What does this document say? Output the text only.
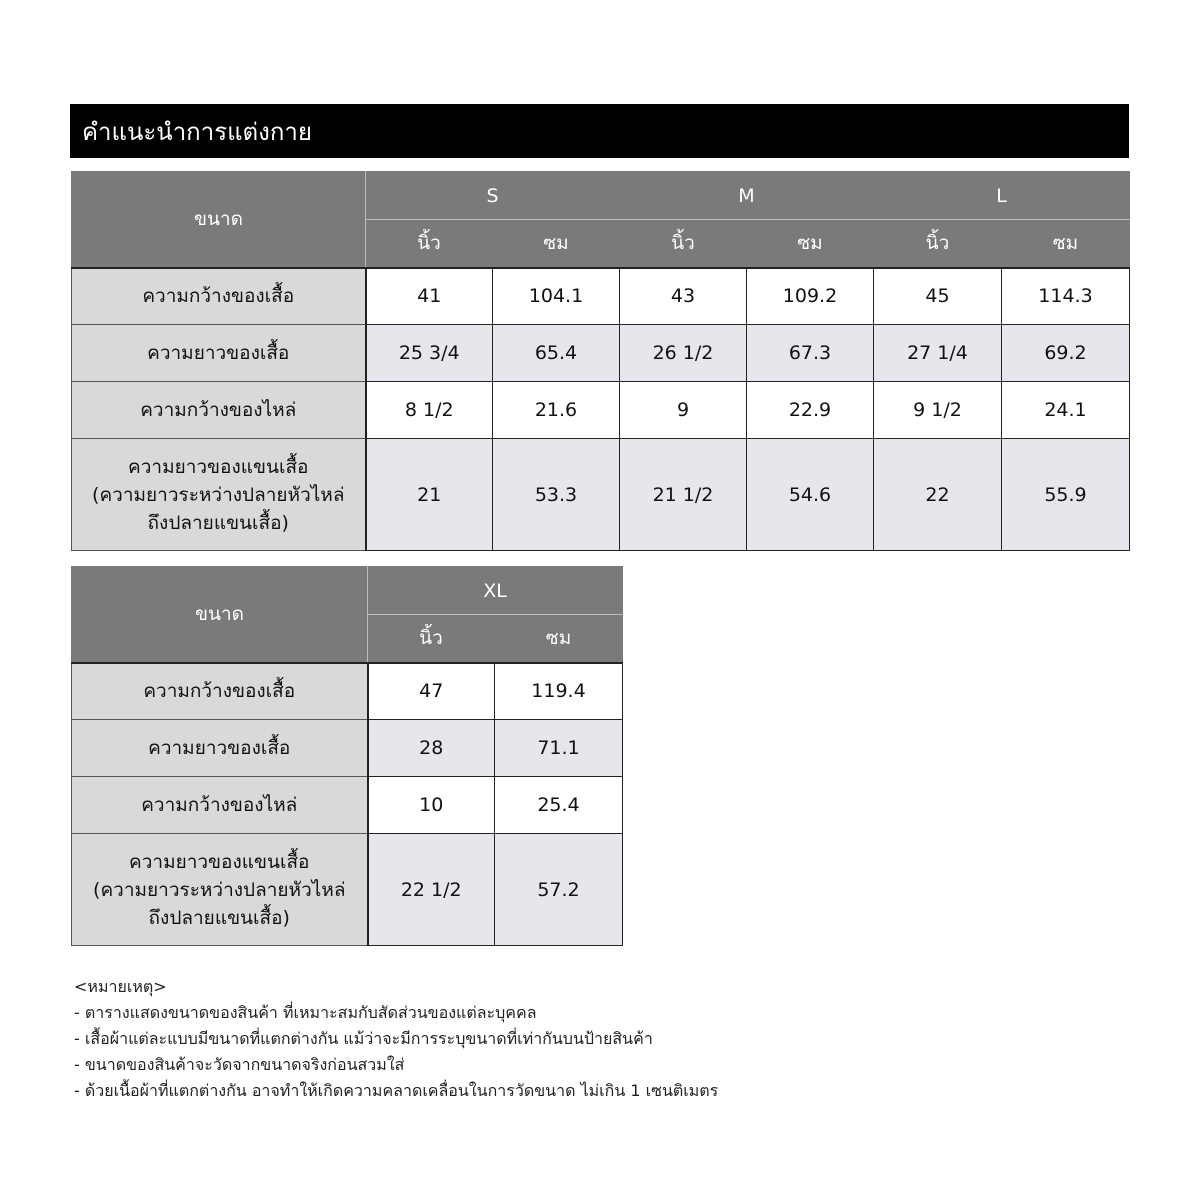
คำแนะนำการแต่งกาย
ขนาด	S		M		L	
	นิ้ว	ซม	นิ้ว	ซม	นิ้ว	ซม
ความกว้างของเสื้อ	41	104.1	43	109.2	45	114.3
ความยาวของเสื้อ	25 3/4	65.4	26 1/2	67.3	27 1/4	69.2
ความกว้างของไหล่	8 1/2	21.6	9	22.9	9 1/2	24.1

ความยาวของแขนเสื้อ
(ความยาวระหว่างปลายหัวไหล่
ถึงปลายแขนเสื้อ)	21	53.3	21 1/2	54.6	22	55.9
ขนาด	XL	
	นิ้ว	ซม
ความกว้างของเสื้อ	47	119.4
ความยาวของเสื้อ	28	71.1
ความกว้างของไหล่	10	25.4

ความยาวของแขนเสื้อ
(ความยาวระหว่างปลายหัวไหล่
ถึงปลายแขนเสื้อ)	22 1/2	57.2
<หมายเหตุ>
- ตารางแสดงขนาดของสินค้า ที่เหมาะสมกับสัดส่วนของแต่ละบุคคล
- เสื้อผ้าแต่ละแบบมีขนาดที่แตกต่างกัน แม้ว่าจะมีการระบุขนาดที่เท่ากันบนป้ายสินค้า
- ขนาดของสินค้าจะวัดจากขนาดจริงก่อนสวมใส่
- ด้วยเนื้อผ้าที่แตกต่างกัน อาจทำให้เกิดความคลาดเคลื่อนในการวัดขนาด ไม่เกิน 1 เซนติเมตร
